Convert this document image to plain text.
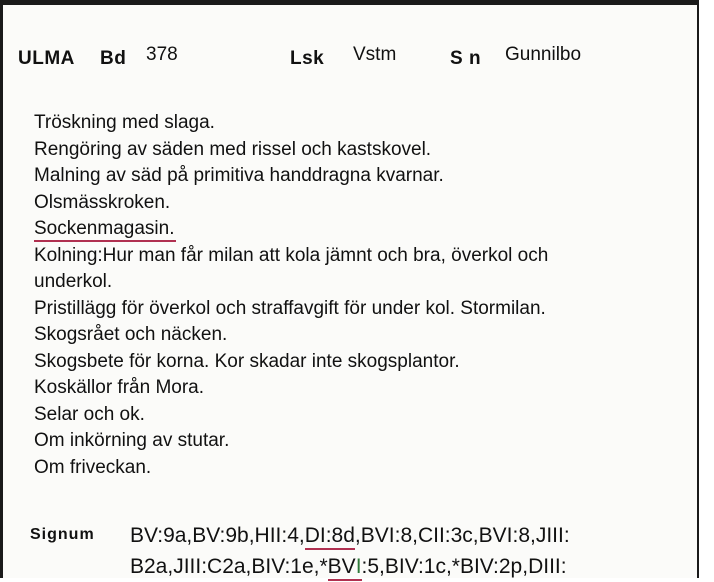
ULMA Bd 378	Lsk Vstm	S n Gunnilbo
Tröskning med slaga.
Rengöring av säden med rissel och kastskovel.
Malning av säd på primitiva handdragna kvarnar.
Olsmässkroken.
Sockenmagasin.
Kolning:Hur man får milan att kola jämnt och bra, överkol och
underkol.
Pristillägg för överkol och straffavgift för under kol. Stormilan.
Skogsrået och näcken.
Skogsbete för korna. Kor skadar inte skogsplantor.
Koskällor från Mora.
Selar och ok.
Om inkörning av stutar.
Om friveckan.
Signum BV:9a,BV:9b,HII:4,DI:8d,BVI:8,CII:3c,BVI:8,JIII:
B2a,JIII:C2a,BIV:1e,*BVI:5,BIV:1c,*BIV:2p,DIII:
